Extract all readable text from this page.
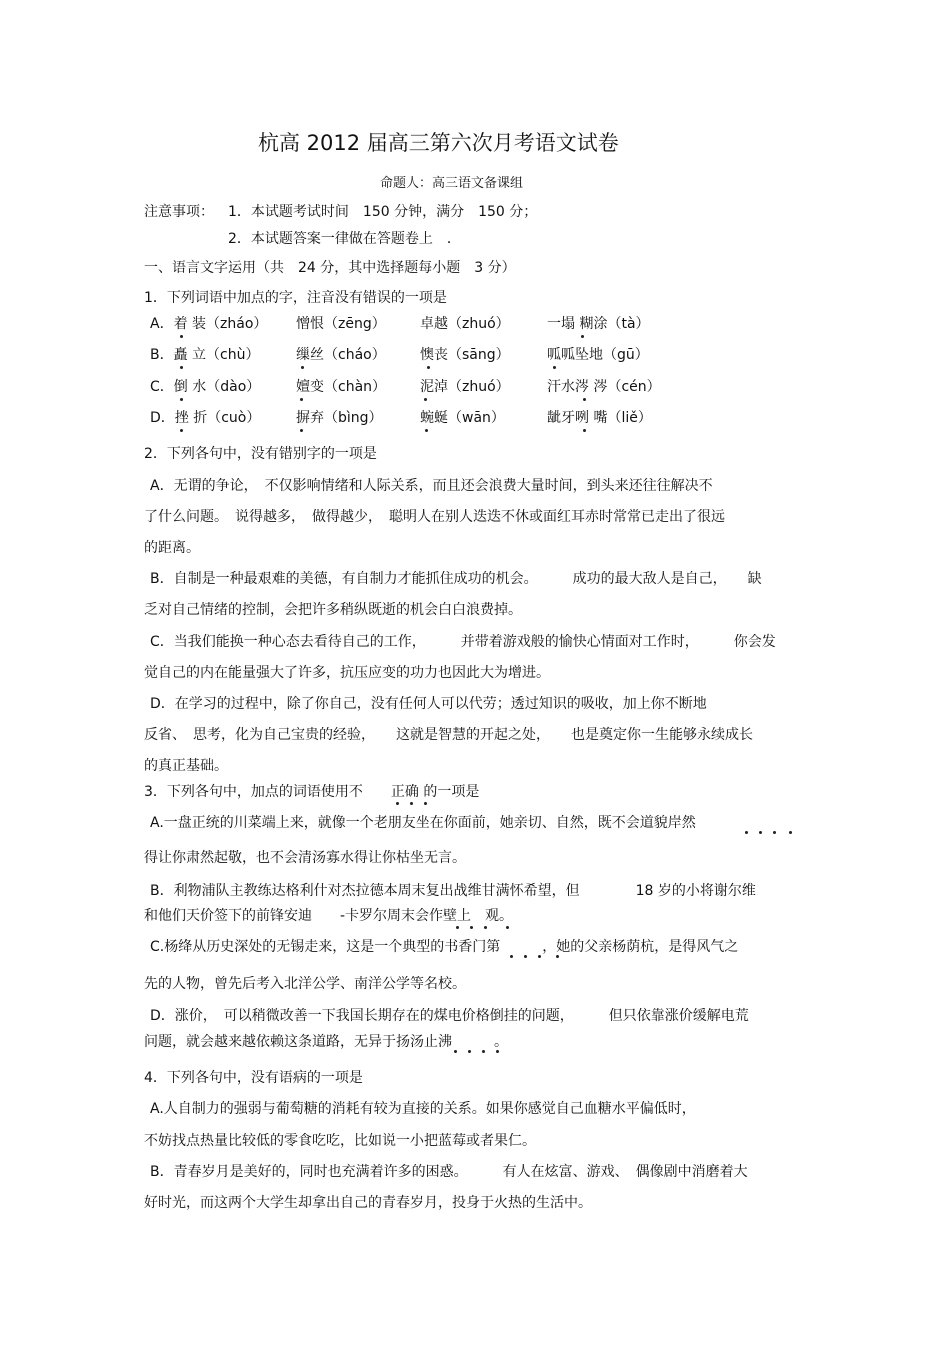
杭高 2012 届高三第六次月考语文试卷
命题人：高三语文备课组
注意事项： 1．本试题考试时间　150 分钟，满分　150 分；
2．本试题答案一律做在答题卷上　．
一、语言文字运用（共　24 分，其中选择题每小题　3 分）
1．下列词语中加点的字，注音没有错误的一项是
A．着 装（zháo） 憎恨（zēng） 卓越（zhuó）	一塌 糊涂（tà）
B．矗 立（chù）	缫丝（cháo） 懊丧（sāng）	呱呱坠地（gū）
C．倒 水（dào）	嬗变（chàn） 泥淖（zhuó）	汗水涔 涔（cén）
D．挫 折（cuò）	摒弃（bìng）	蜿蜒（wān）	龇牙咧 嘴（liě）
2．下列各句中，没有错别字的一项是
A．无谓的争论，　不仅影响情绪和人际关系，而且还会浪费大量时间，到头来还往往解决不
了什么问题。　说得越多，　做得越少，　聪明人在别人迭迭不休或面红耳赤时常常已走出了很远
的距离。
B．自制是一种最艰难的美德，有自制力才能抓住成功的机会。　　　成功的最大敌人是自己，　　缺
乏对自己情绪的控制，会把许多稍纵既逝的机会白白浪费掉。
C．当我们能换一种心态去看待自己的工作，　　　并带着游戏般的愉快心情面对工作时，　　　你会发
觉自己的内在能量强大了许多，抗压应变的功力也因此大为增进。
D．在学习的过程中，除了你自己，没有任何人可以代劳；透过知识的吸收，加上你不断地
反省、　思考，化为自己宝贵的经验，　　这就是智慧的开起之处，　　也是奠定你一生能够永续成长
的真正基础。
3．下列各句中，加点的词语使用不　　正确 的一项是
A.一盘正统的川菜端上来，就像一个老朋友坐在你面前，她亲切、自然，既不会道貌岸然
得让你肃然起敬，也不会清汤寡水得让你枯坐无言。
B．利物浦队主教练达格利什对杰拉德本周末复出战维甘满怀希望，但　　　　18 岁的小将谢尔维
和他们天价签下的前锋安迪　　-卡罗尔周末会作壁上　观。
C.杨绛从历史深处的无锡走来，这是一个典型的书香门第　　　，她的父亲杨荫杭，是得风气之
先的人物，曾先后考入北洋公学、南洋公学等名校。
D．涨价，　可以稍微改善一下我国长期存在的煤电价格倒挂的问题，　　　但只依靠涨价缓解电荒
问题，就会越来越依赖这条道路，无异于扬汤止沸　　　。
4．下列各句中，没有语病的一项是
A.人自制力的强弱与葡萄糖的消耗有较为直接的关系。如果你感觉自己血糖水平偏低时，
不妨找点热量比较低的零食吃吃，比如说一小把蓝莓或者果仁。
B．青春岁月是美好的，同时也充满着许多的困惑。　　　有人在炫富、游戏、　偶像剧中消磨着大
好时光，而这两个大学生却拿出自己的青春岁月，投身于火热的生活中。
